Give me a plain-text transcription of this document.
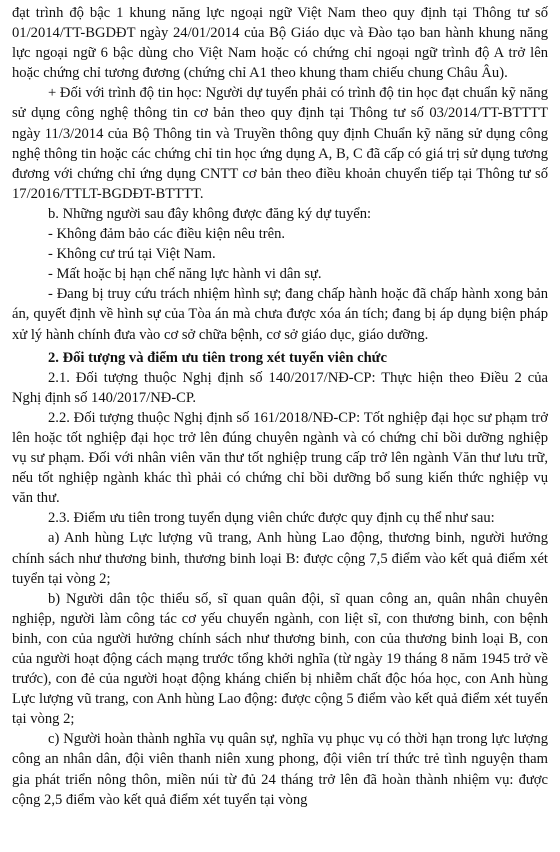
đạt trình độ bậc 1 khung năng lực ngoại ngữ Việt Nam theo quy định tại Thông tư số 01/2014/TT-BGDĐT ngày 24/01/2014 của Bộ Giáo dục và Đào tạo ban hành khung năng lực ngoại ngữ 6 bậc dùng cho Việt Nam hoặc có chứng chỉ ngoại ngữ trình độ A trở lên hoặc chứng chỉ tương đương (chứng chỉ A1 theo khung tham chiếu chung Châu Âu).

+ Đối với trình độ tin học: Người dự tuyển phải có trình độ tin học đạt chuẩn kỹ năng sử dụng công nghệ thông tin cơ bản theo quy định tại Thông tư số 03/2014/TT-BTTTT ngày 11/3/2014 của Bộ Thông tin và Truyền thông quy định Chuẩn kỹ năng sử dụng công nghệ thông tin hoặc các chứng chỉ tin học ứng dụng A, B, C đã cấp có giá trị sử dụng tương đương với chứng chỉ ứng dụng CNTT cơ bản theo điều khoản chuyển tiếp tại Thông tư số 17/2016/TTLT-BGDĐT-BTTTT.

b. Những người sau đây không được đăng ký dự tuyển:

- Không đảm bảo các điều kiện nêu trên.

- Không cư trú tại Việt Nam.

- Mất hoặc bị hạn chế năng lực hành vi dân sự.

- Đang bị truy cứu trách nhiệm hình sự; đang chấp hành hoặc đã chấp hành xong bản án, quyết định về hình sự của Tòa án mà chưa được xóa án tích; đang bị áp dụng biện pháp xử lý hành chính đưa vào cơ sở chữa bệnh, cơ sở giáo dục, giáo dưỡng.

2. Đối tượng và điểm ưu tiên trong xét tuyển viên chức

2.1. Đối tượng thuộc Nghị định số 140/2017/NĐ-CP: Thực hiện theo Điều 2 của Nghị định số 140/2017/NĐ-CP.

2.2. Đối tượng thuộc Nghị định số 161/2018/NĐ-CP: Tốt nghiệp đại học sư phạm trở lên hoặc tốt nghiệp đại học trở lên đúng chuyên ngành và có chứng chỉ bồi dưỡng nghiệp vụ sư phạm. Đối với nhân viên văn thư tốt nghiệp trung cấp trở lên ngành Văn thư lưu trữ, nếu tốt nghiệp ngành khác thì phải có chứng chỉ bồi dưỡng bổ sung kiến thức nghiệp vụ văn thư.

2.3. Điểm ưu tiên trong tuyển dụng viên chức được quy định cụ thể như sau:

a) Anh hùng Lực lượng vũ trang, Anh hùng Lao động, thương binh, người hưởng chính sách như thương binh, thương binh loại B: được cộng 7,5 điểm vào kết quả điểm xét tuyển tại vòng 2;

b) Người dân tộc thiểu số, sĩ quan quân đội, sĩ quan công an, quân nhân chuyên nghiệp, người làm công tác cơ yếu chuyển ngành, con liệt sĩ, con thương binh, con bệnh binh, con của người hưởng chính sách như thương binh, con của thương binh loại B, con của người hoạt động cách mạng trước tổng khởi nghĩa (từ ngày 19 tháng 8 năm 1945 trở về trước), con đẻ của người hoạt động kháng chiến bị nhiễm chất độc hóa học, con Anh hùng Lực lượng vũ trang, con Anh hùng Lao động: được cộng 5 điểm vào kết quả điểm xét tuyển tại vòng 2;

c) Người hoàn thành nghĩa vụ quân sự, nghĩa vụ phục vụ có thời hạn trong lực lượng công an nhân dân, đội viên thanh niên xung phong, đội viên trí thức trẻ tình nguyện tham gia phát triển nông thôn, miền núi từ đủ 24 tháng trở lên đã hoàn thành nhiệm vụ: được cộng 2,5 điểm vào kết quả điểm xét tuyển tại vòng
